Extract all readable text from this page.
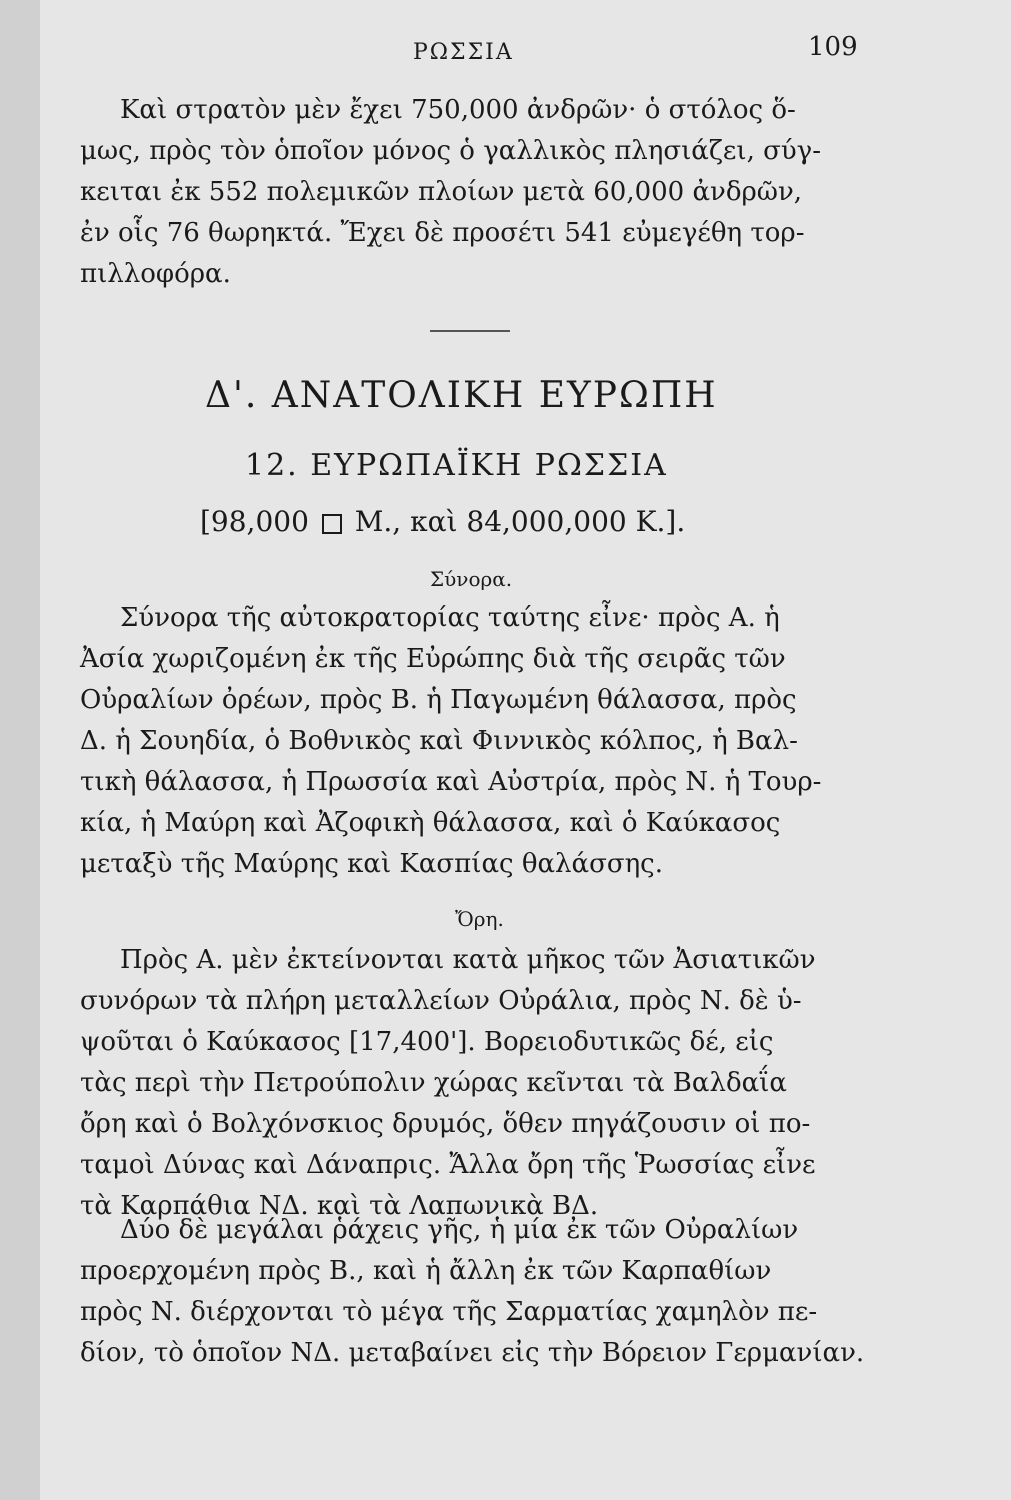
ΡΩΣΣΙΑ	109
Καὶ στρατὸν μὲν ἔχει 750,000 ἀνδρῶν· ὁ στόλος ὅ-
μως, πρὸς τὸν ὁποῖον μόνος ὁ γαλλικὸς πλησιάζει, σύγ-
κειται ἐκ 552 πολεμικῶν πλοίων μετὰ 60,000 ἀνδρῶν,
ἐν οἷς 76 θωρηκτά. Ἔχει δὲ προσέτι 541 εὐμεγέθη τορ-
πιλλοφόρα.
Δ'. ΑΝΑΤΟΛΙΚΗ ΕΥΡΩΠΗ
12. ΕΥΡΩΠΑΪΚΗ ΡΩΣΣΙΑ
[98,000 Μ., καὶ 84,000,000 Κ.].
Σύνορα.
Σύνορα τῆς αὐτοκρατορίας ταύτης εἶνε· πρὸς Α. ἡ
Ἀσία χωριζομένη ἐκ τῆς Εὐρώπης διὰ τῆς σειρᾶς τῶν
Οὐραλίων ὀρέων, πρὸς Β. ἡ Παγωμένη θάλασσα, πρὸς
Δ. ἡ Σουηδία, ὁ Βοθνικὸς καὶ Φιννικὸς κόλπος, ἡ Βαλ-
τικὴ θάλασσα, ἡ Πρωσσία καὶ Αὐστρία, πρὸς Ν. ἡ Τουρ-
κία, ἡ Μαύρη καὶ Ἀζοφικὴ θάλασσα, καὶ ὁ Καύκασος
μεταξὺ τῆς Μαύρης καὶ Κασπίας θαλάσσης.
Ὄρη.
Πρὸς Α. μὲν ἐκτείνονται κατὰ μῆκος τῶν Ἀσιατικῶν
συνόρων τὰ πλήρη μεταλλείων Οὐράλια, πρὸς Ν. δὲ ὑ-
ψοῦται ὁ Καύκασος [17,400']. Βορειοδυτικῶς δέ, εἰς
τὰς περὶ τὴν Πετρούπολιν χώρας κεῖνται τὰ Βαλδαΐα
ὄρη καὶ ὁ Βολχόνσκιος δρυμός, ὅθεν πηγάζουσιν οἱ πο-
ταμοὶ Δύνας καὶ Δάναπρις. Ἄλλα ὄρη τῆς Ῥωσσίας εἶνε
τὰ Καρπάθια ΝΔ. καὶ τὰ Λαπωνικὰ ΒΔ.
Δύο δὲ μεγάλαι ῥάχεις γῆς, ἡ μία ἐκ τῶν Οὐραλίων
προερχομένη πρὸς Β., καὶ ἡ ἄλλη ἐκ τῶν Καρπαθίων
πρὸς Ν. διέρχονται τὸ μέγα τῆς Σαρματίας χαμηλὸν πε-
δίον, τὸ ὁποῖον ΝΔ. μεταβαίνει εἰς τὴν Βόρειον Γερμανίαν.
